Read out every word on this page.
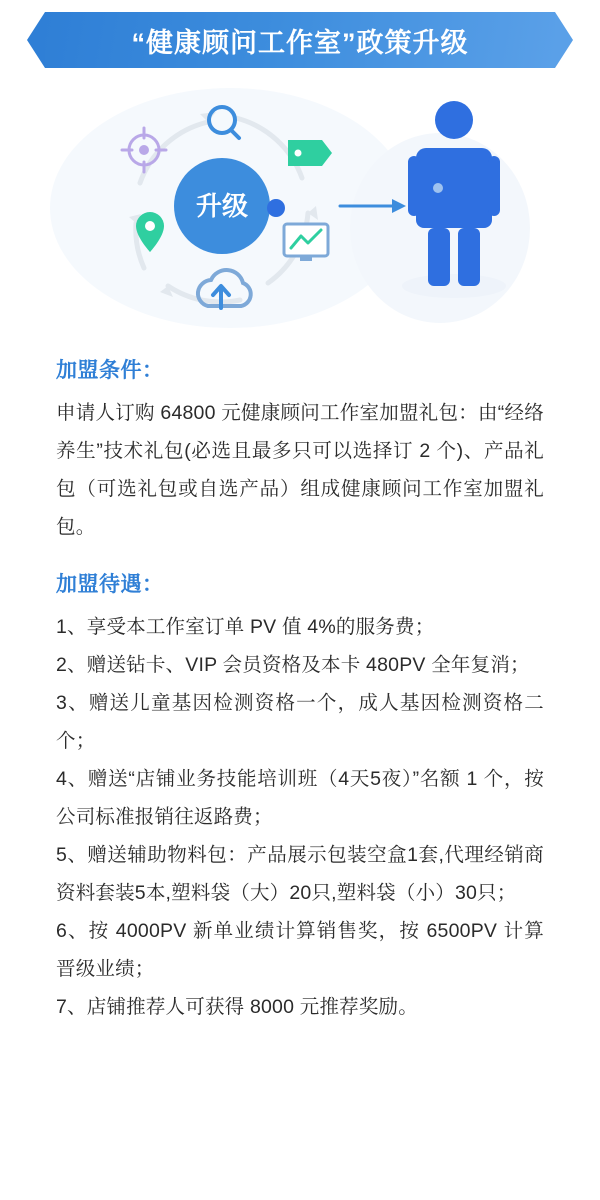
“健康顾问工作室”政策升级
升级
加盟条件：
申请人订购 64800 元健康顾问工作室加盟礼包：由“经络养生”技术礼包(必选且最多只可以选择订 2 个)、产品礼包（可选礼包或自选产品）组成健康顾问工作室加盟礼包。
加盟待遇：
1、享受本工作室订单 PV 值 4%的服务费；
2、赠送钻卡、VIP 会员资格及本卡 480PV 全年复消；
3、赠送儿童基因检测资格一个，成人基因检测资格二个；
4、赠送“店铺业务技能培训班（4天5夜）”名额 1 个，按公司标准报销往返路费；
5、赠送辅助物料包：产品展示包装空盒1套,代理经销商资料套装5本,塑料袋（大）20只,塑料袋（小）30只；
6、按 4000PV 新单业绩计算销售奖，按 6500PV 计算晋级业绩；
7、店铺推荐人可获得 8000 元推荐奖励。
